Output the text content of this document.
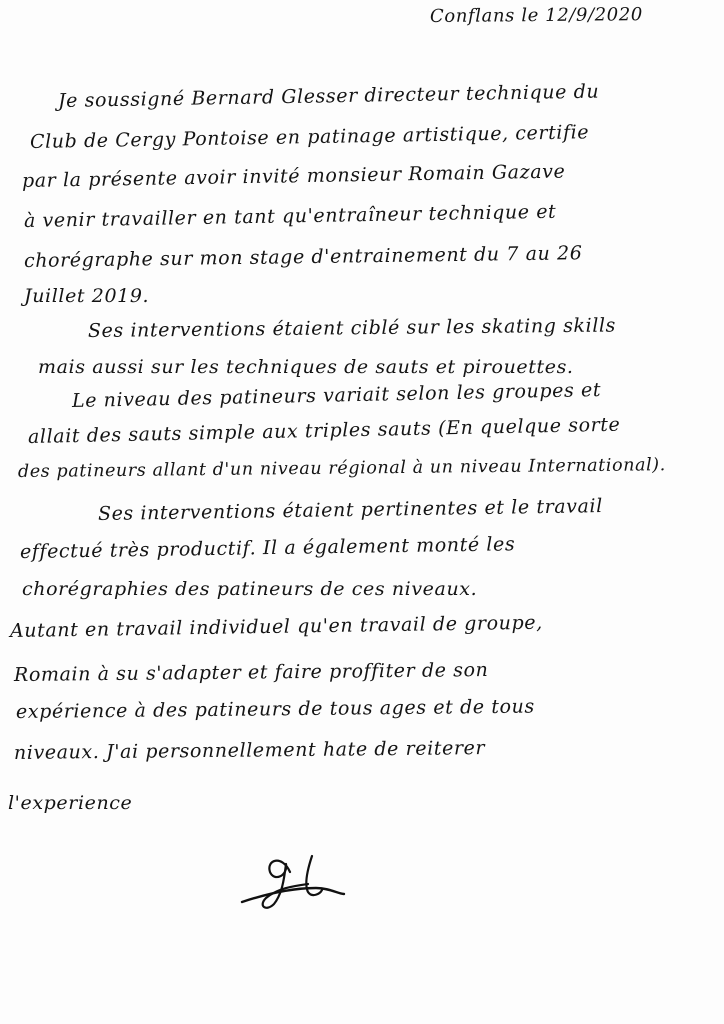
Conflans le 12/9/2020
Je soussigné Bernard Glesser directeur technique du
Club de Cergy Pontoise en patinage artistique, certifie
par la présente avoir invité monsieur Romain Gazave
à venir travailler en tant qu'entraîneur technique et
chorégraphe sur mon stage d'entrainement du 7 au 26
Juillet 2019.
Ses interventions étaient ciblé sur les skating skills
mais aussi sur les techniques de sauts et pirouettes.
Le niveau des patineurs variait selon les groupes et
allait des sauts simple aux triples sauts (En quelque sorte
des patineurs allant d'un niveau régional à un niveau International).
Ses interventions étaient pertinentes et le travail
effectué très productif. Il a également monté les
chorégraphies des patineurs de ces niveaux.
Autant en travail individuel qu'en travail de groupe,
Romain à su s'adapter et faire proffiter de son
expérience à des patineurs de tous ages et de tous
niveaux. J'ai personnellement hate de reiterer
l'experience
